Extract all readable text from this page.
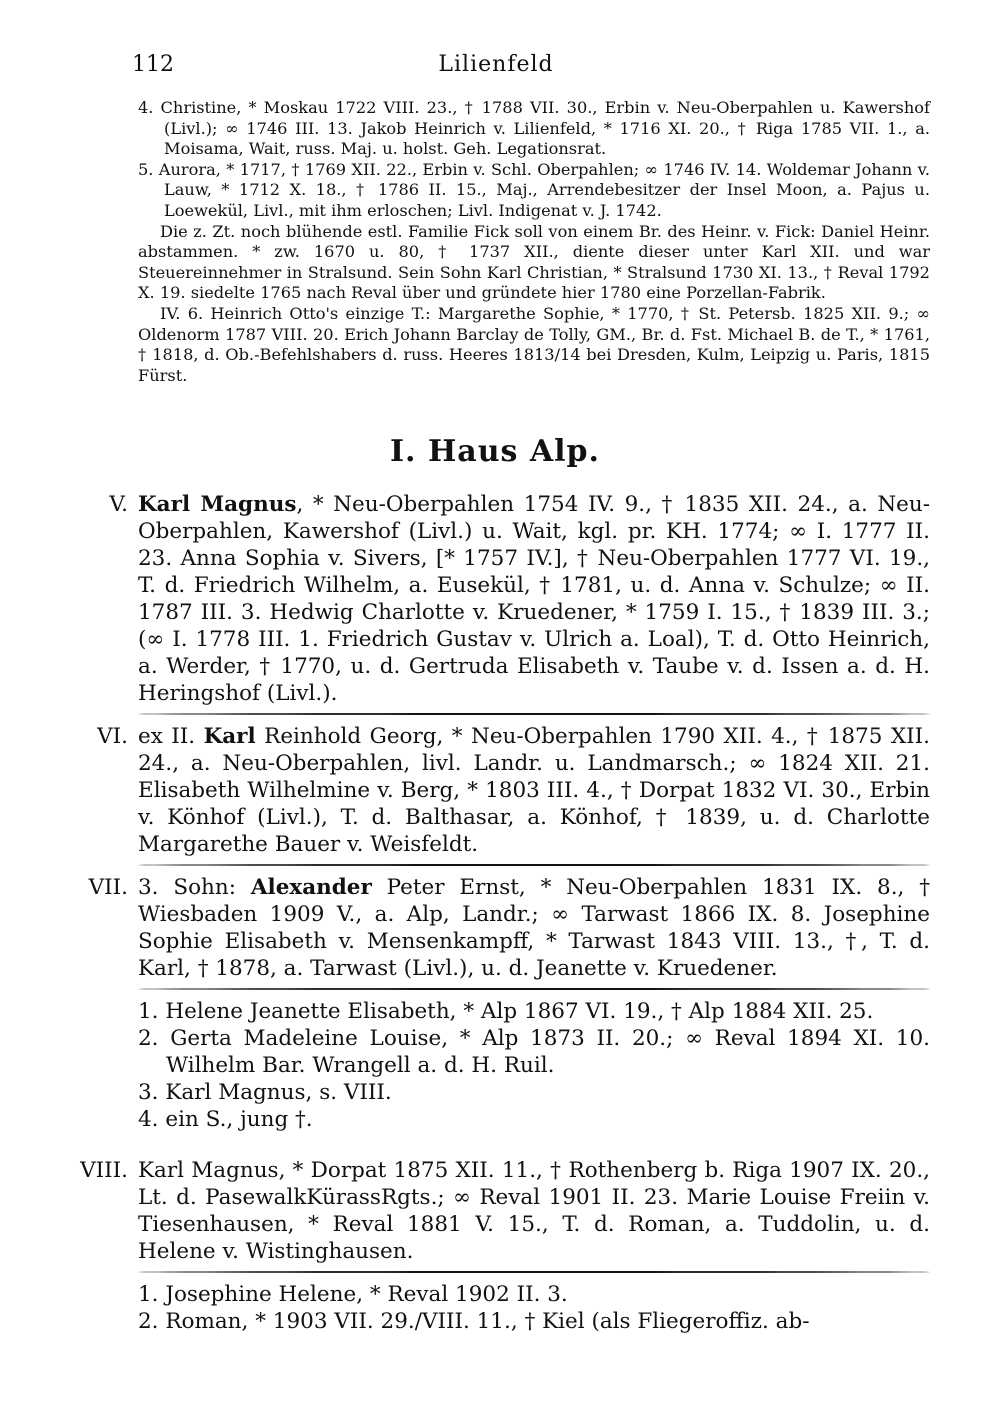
112	Lilienfeld

4. Christine, * Moskau 1722 VIII. 23., † 1788 VII. 30., Erbin v. Neu-Oberpahlen u. Kawershof (Livl.); ∞ 1746 III. 13. Jakob Heinrich v. Lilienfeld, * 1716 XI. 20., † Riga 1785 VII. 1., a. Moisama, Wait, russ. Maj. u. holst. Geh. Legationsrat.

5. Aurora, * 1717, † 1769 XII. 22., Erbin v. Schl. Oberpahlen; ∞ 1746 IV. 14. Woldemar Johann v. Lauw, * 1712 X. 18., † 1786 II. 15., Maj., Arrendebesitzer der Insel Moon, a. Pajus u. Loewekül, Livl., mit ihm erloschen; Livl. Indigenat v. J. 1742.

Die z. Zt. noch blühende estl. Familie Fick soll von einem Br. des Heinr. v. Fick: Daniel Heinr. abstammen. * zw. 1670 u. 80, † 1737 XII., diente dieser unter Karl XII. und war Steuereinnehmer in Stralsund. Sein Sohn Karl Christian, * Stralsund 1730 XI. 13., † Reval 1792 X. 19. siedelte 1765 nach Reval über und gründete hier 1780 eine Porzellan-Fabrik.

IV. 6. Heinrich Otto's einzige T.: Margarethe Sophie, * 1770, † St. Petersb. 1825 XII. 9.; ∞ Oldenorm 1787 VIII. 20. Erich Johann Barclay de Tolly, GM., Br. d. Fst. Michael B. de T., * 1761, † 1818, d. Ob.-Befehlshabers d. russ. Heeres 1813/14 bei Dresden, Kulm, Leipzig u. Paris, 1815 Fürst.

I. Haus Alp.
V. Karl Magnus, * Neu-Oberpahlen 1754 IV. 9., † 1835 XII. 24., a. Neu-Oberpahlen, Kawershof (Livl.) u. Wait, kgl. pr. KH. 1774; ∞ I. 1777 II. 23. Anna Sophia v. Sivers, [* 1757 IV.], † Neu-Oberpahlen 1777 VI. 19., T. d. Friedrich Wilhelm, a. Eusekül, † 1781, u. d. Anna v. Schulze; ∞ II. 1787 III. 3. Hedwig Charlotte v. Kruedener, * 1759 I. 15., † 1839 III. 3.; (∞ I. 1778 III. 1. Friedrich Gustav v. Ulrich a. Loal), T. d. Otto Heinrich, a. Werder, † 1770, u. d. Gertruda Elisabeth v. Taube v. d. Issen a. d. H. Heringshof (Livl.).
VI. ex II. Karl Reinhold Georg, * Neu-Oberpahlen 1790 XII. 4., † 1875 XII. 24., a. Neu-Oberpahlen, livl. Landr. u. Landmarsch.; ∞ 1824 XII. 21. Elisabeth Wilhelmine v. Berg, * 1803 III. 4., † Dorpat 1832 VI. 30., Erbin v. Könhof (Livl.), T. d. Balthasar, a. Könhof, † 1839, u. d. Charlotte Margarethe Bauer v. Weisfeldt.
VII. 3. Sohn: Alexander Peter Ernst, * Neu-Oberpahlen 1831 IX. 8., † Wiesbaden 1909 V., a. Alp, Landr.; ∞ Tarwast 1866 IX. 8. Josephine Sophie Elisabeth v. Mensenkampff, * Tarwast 1843 VIII. 13., †, T. d. Karl, † 1878, a. Tarwast (Livl.), u. d. Jeanette v. Kruedener.
1. Helene Jeanette Elisabeth, * Alp 1867 VI. 19., † Alp 1884 XII. 25.
2. Gerta Madeleine Louise, * Alp 1873 II. 20.; ∞ Reval 1894 XI. 10. Wilhelm Bar. Wrangell a. d. H. Ruil.
3. Karl Magnus, s. VIII.
4. ein S., jung †.
VIII. Karl Magnus, * Dorpat 1875 XII. 11., † Rothenberg b. Riga 1907 IX. 20., Lt. d. PasewalkKürassRgts.; ∞ Reval 1901 II. 23. Marie Louise Freiin v. Tiesenhausen, * Reval 1881 V. 15., T. d. Roman, a. Tuddolin, u. d. Helene v. Wistinghausen.
1. Josephine Helene, * Reval 1902 II. 3.
2. Roman, * 1903 VII. 29./VIII. 11., † Kiel (als Fliegeroffiz. ab-
